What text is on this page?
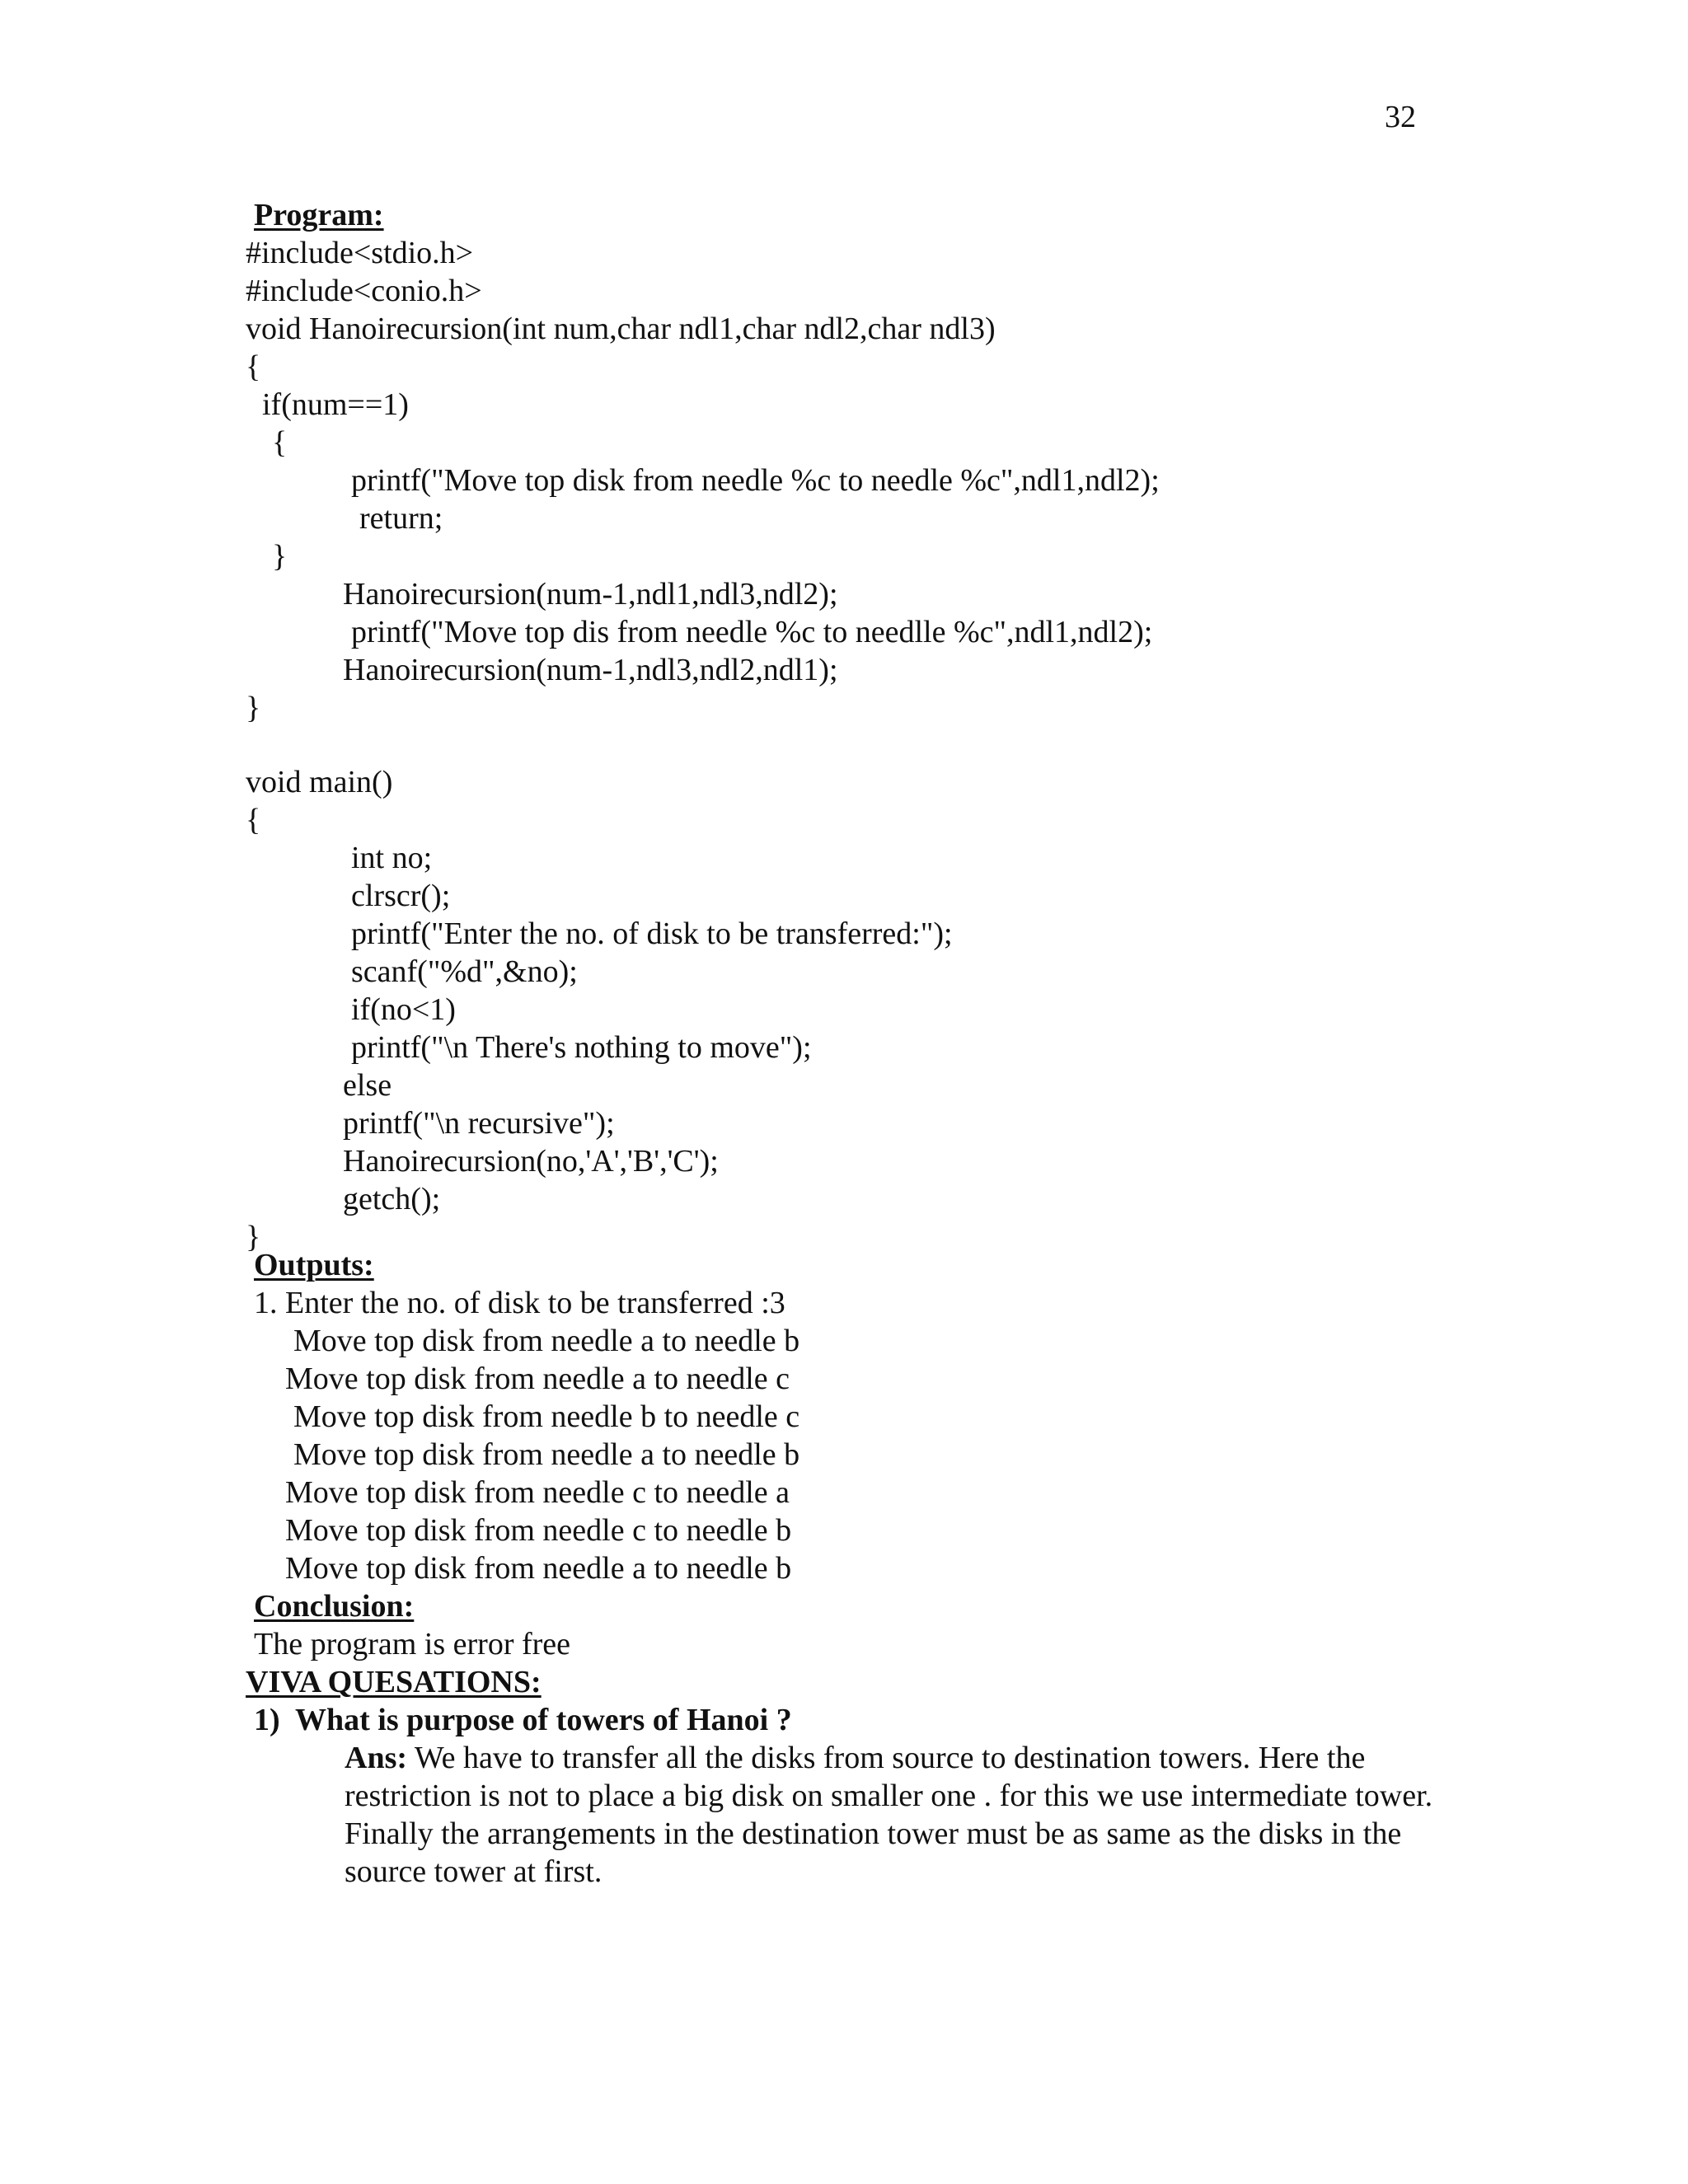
32
Program:
#include<stdio.h>
#include<conio.h>
void Hanoirecursion(int num,char ndl1,char ndl2,char ndl3)
{
if(num==1)
{
printf("Move top disk from needle %c to needle %c",ndl1,ndl2);
return;
}
Hanoirecursion(num-1,ndl1,ndl3,ndl2);
printf("Move top dis from needle %c to needlle %c",ndl1,ndl2);
Hanoirecursion(num-1,ndl3,ndl2,ndl1);
}
void main()
{
int no;
clrscr();
printf("Enter the no. of disk to be transferred:");
scanf("%d",&no);
if(no<1)
printf("\n There's nothing to move");
else
printf("\n recursive");
Hanoirecursion(no,'A','B','C');
getch();
}
Outputs:
1. Enter the no. of disk to be transferred :3
Move top disk from needle a to needle b
Move top disk from needle a to needle c
Move top disk from needle b to needle c
Move top disk from needle a to needle b
Move top disk from needle c to needle a
Move top disk from needle c to needle b
Move top disk from needle a to needle b
Conclusion:
The program is error free
VIVA QUESATIONS:
1)  What is purpose of towers of Hanoi ?
Ans: We have to transfer all the disks from source to destination towers. Here the restriction is not to place a big disk on smaller one . for this we use intermediate tower. Finally the arrangements in the destination tower must be as same as the disks in the source tower at first.
